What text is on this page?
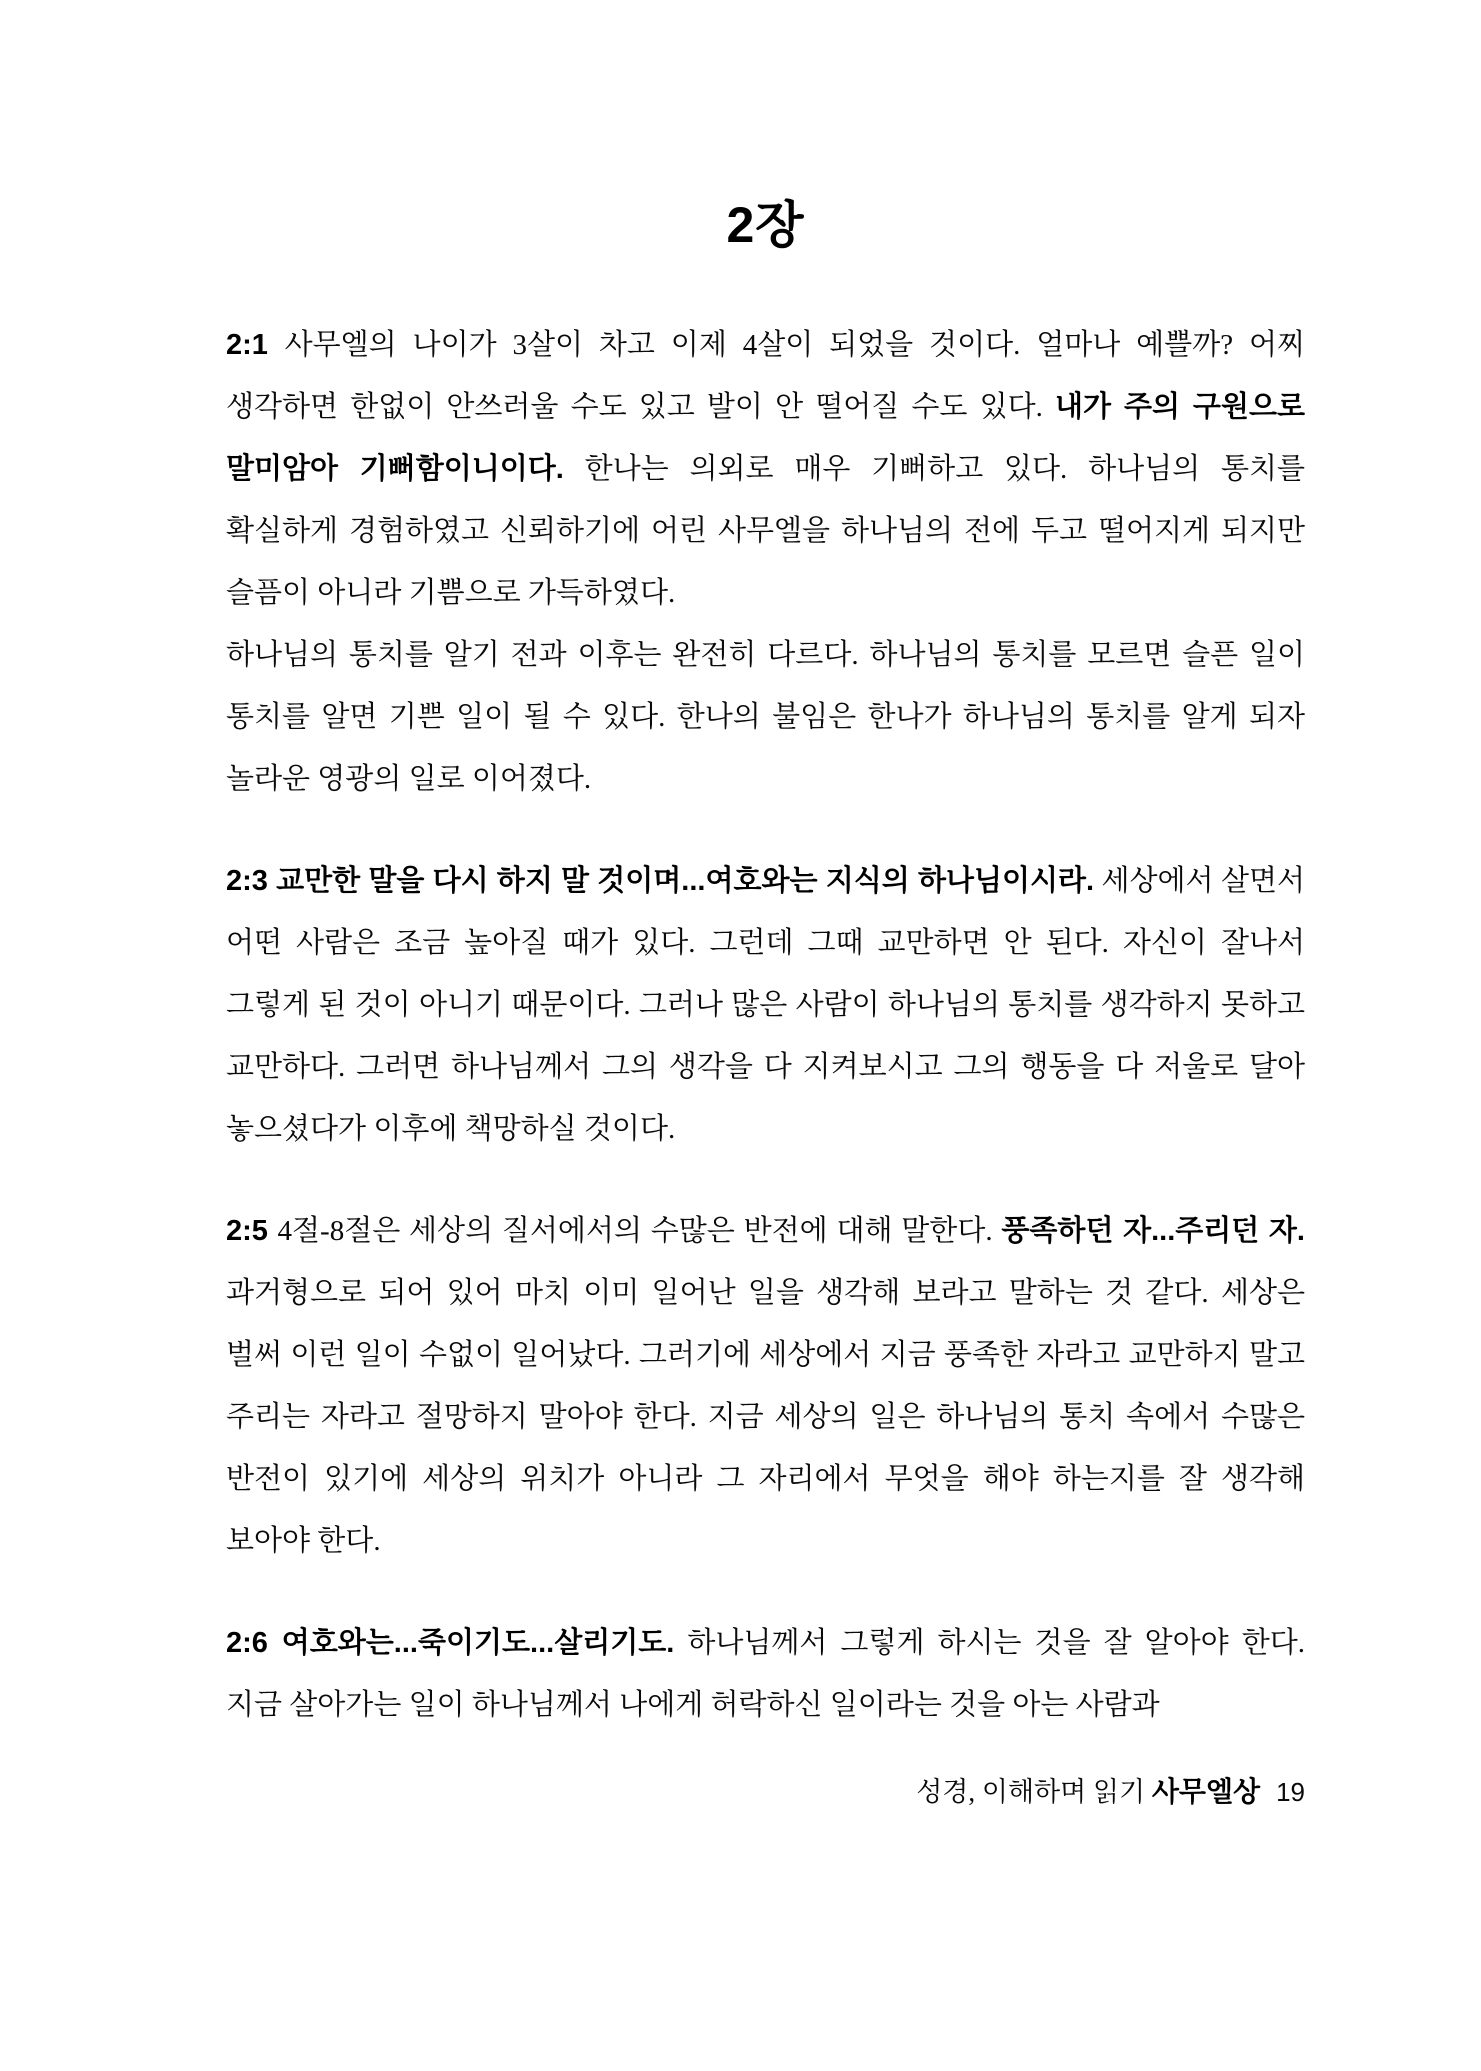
2장

2:1 사무엘의 나이가 3살이 차고 이제 4살이 되었을 것이다. 얼마나 예쁠까? 어찌 생각하면 한없이 안쓰러울 수도 있고 발이 안 떨어질 수도 있다. 내가 주의 구원으로 말미암아 기뻐함이니이다. 한나는 의외로 매우 기뻐하고 있다. 하나님의 통치를 확실하게 경험하였고 신뢰하기에 어린 사무엘을 하나님의 전에 두고 떨어지게 되지만 슬픔이 아니라 기쁨으로 가득하였다.

하나님의 통치를 알기 전과 이후는 완전히 다르다. 하나님의 통치를 모르면 슬픈 일이 통치를 알면 기쁜 일이 될 수 있다. 한나의 불임은 한나가 하나님의 통치를 알게 되자 놀라운 영광의 일로 이어졌다.

2:3 교만한 말을 다시 하지 말 것이며...여호와는 지식의 하나님이시라. 세상에서 살면서 어떤 사람은 조금 높아질 때가 있다. 그런데 그때 교만하면 안 된다. 자신이 잘나서 그렇게 된 것이 아니기 때문이다. 그러나 많은 사람이 하나님의 통치를 생각하지 못하고 교만하다. 그러면 하나님께서 그의 생각을 다 지켜보시고 그의 행동을 다 저울로 달아 놓으셨다가 이후에 책망하실 것이다.

2:5 4절-8절은 세상의 질서에서의 수많은 반전에 대해 말한다. 풍족하던 자...주리던 자. 과거형으로 되어 있어 마치 이미 일어난 일을 생각해 보라고 말하는 것 같다. 세상은 벌써 이런 일이 수없이 일어났다. 그러기에 세상에서 지금 풍족한 자라고 교만하지 말고 주리는 자라고 절망하지 말아야 한다. 지금 세상의 일은 하나님의 통치 속에서 수많은 반전이 있기에 세상의 위치가 아니라 그 자리에서 무엇을 해야 하는지를 잘 생각해 보아야 한다.

2:6 여호와는...죽이기도...살리기도. 하나님께서 그렇게 하시는 것을 잘 알아야 한다. 지금 살아가는 일이 하나님께서 나에게 허락하신 일이라는 것을 아는 사람과

성경, 이해하며 읽기 사무엘상 19
